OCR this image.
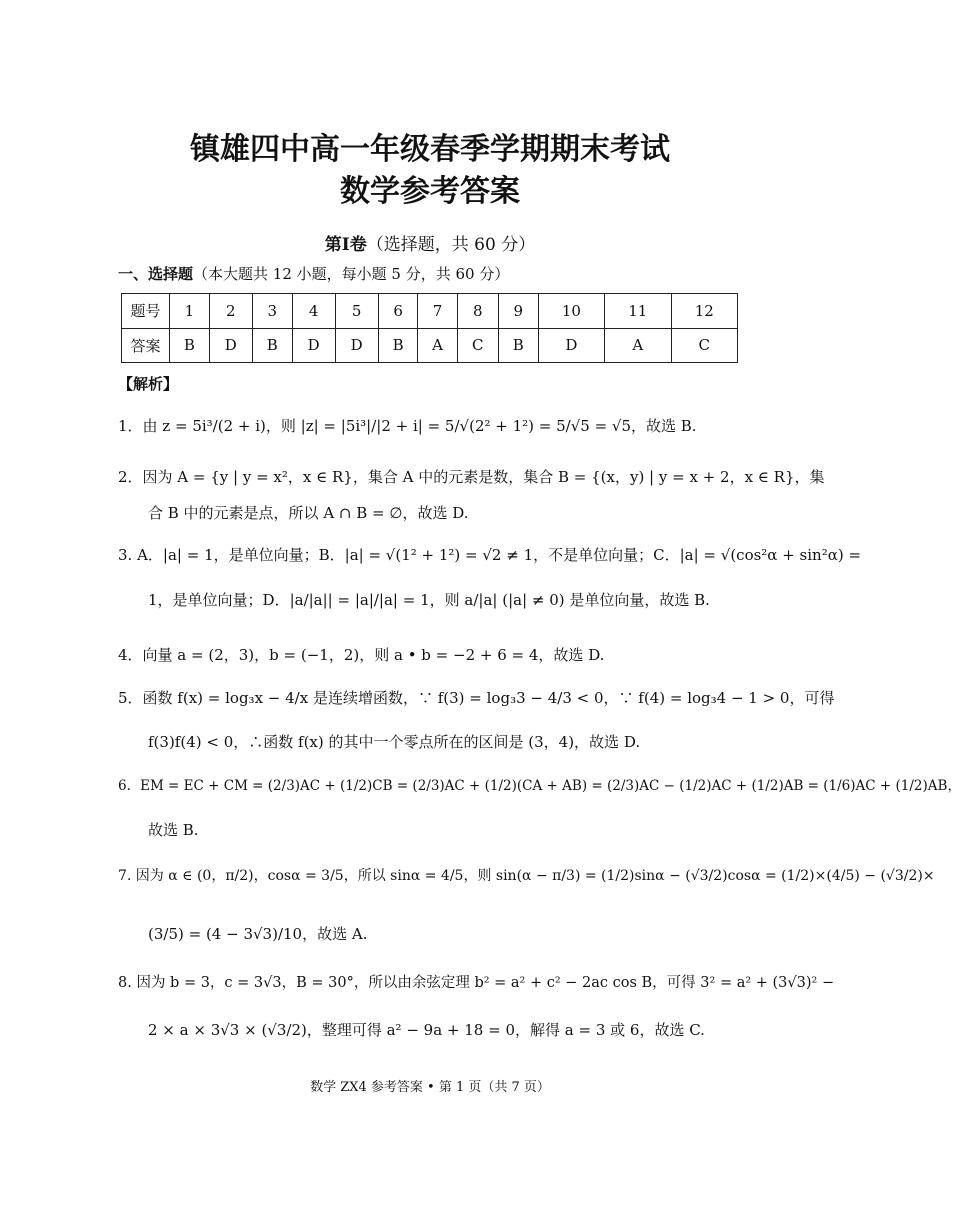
镇雄四中高一年级春季学期期末考试
数学参考答案
第Ⅰ卷（选择题，共 60 分）
一、选择题（本大题共 12 小题，每小题 5 分，共 60 分）
题号	1	2	3	4	5	6	7	8	9	10	11	12
答案	B	D	B	D	D	B	A	C	B	D	A	C
【解析】
1．由 z = 5i³/(2 + i)，则 |z| = |5i³|/|2 + i| = 5/√(2² + 1²) = 5/√5 = √5，故选 B.
2．因为 A = {y | y = x²，x ∈ R}，集合 A 中的元素是数，集合 B = {(x，y) | y = x + 2，x ∈ R}，集
合 B 中的元素是点，所以 A ∩ B = ∅，故选 D.
3. A．|a| = 1，是单位向量；B．|a| = √(1² + 1²) = √2 ≠ 1，不是单位向量；C．|a| = √(cos²α + sin²α) =
1，是单位向量；D．|a/|a|| = |a|/|a| = 1，则 a/|a| (|a| ≠ 0) 是单位向量，故选 B.
4．向量 a = (2，3)，b = (−1，2)，则 a • b = −2 + 6 = 4，故选 D.
5．函数 f(x) = log₃x − 4/x 是连续增函数，∵ f(3) = log₃3 − 4/3 < 0，∵ f(4) = log₃4 − 1 > 0，可得
f(3)f(4) < 0，∴函数 f(x) 的其中一个零点所在的区间是 (3，4)，故选 D.
6．EM = EC + CM = (2/3)AC + (1/2)CB = (2/3)AC + (1/2)(CA + AB) = (2/3)AC − (1/2)AC + (1/2)AB = (1/6)AC + (1/2)AB，
故选 B.
7. 因为 α ∈ (0，π/2)，cosα = 3/5，所以 sinα = 4/5，则 sin(α − π/3) = (1/2)sinα − (√3/2)cosα = (1/2)×(4/5) − (√3/2)×
(3/5) = (4 − 3√3)/10，故选 A.
8. 因为 b = 3，c = 3√3，B = 30°，所以由余弦定理 b² = a² + c² − 2ac cos B，可得 3² = a² + (3√3)² −
2 × a × 3√3 × (√3/2)，整理可得 a² − 9a + 18 = 0，解得 a = 3 或 6，故选 C.
数学 ZX4 参考答案 • 第 1 页（共 7 页）
